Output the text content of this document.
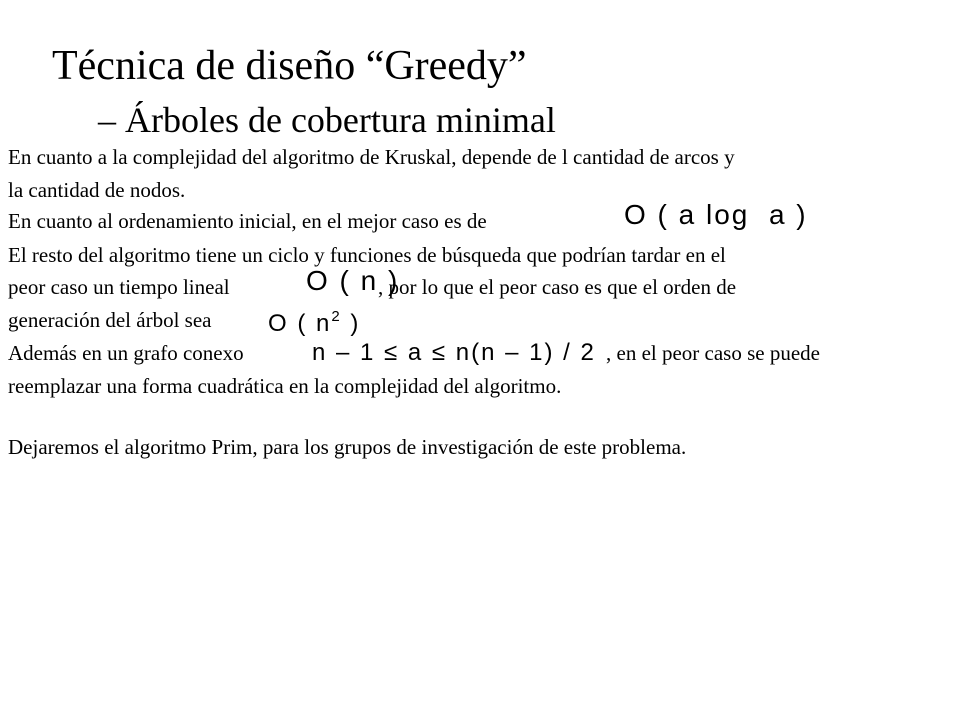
Técnica de diseño “Greedy”
– Árboles de cobertura minimal
En cuanto a la complejidad del algoritmo de Kruskal, depende de l cantidad de arcos y
la cantidad de nodos.
En cuanto al ordenamiento inicial, en el mejor caso es de	O ( a log  a )
El resto del algoritmo tiene un ciclo y funciones de búsqueda que podrían tardar en el
peor caso un tiempo lineal	O ( n )
, por lo que el peor caso es que el orden de
generación del árbol sea O ( $n^2$ )
Además en un grafo conexo	n – 1 ≤ a ≤ n(n – 1) / 2 , en el peor caso se puede
reemplazar una forma cuadrática en la complejidad del algoritmo.
Dejaremos el algoritmo Prim, para los grupos de investigación de este problema.
